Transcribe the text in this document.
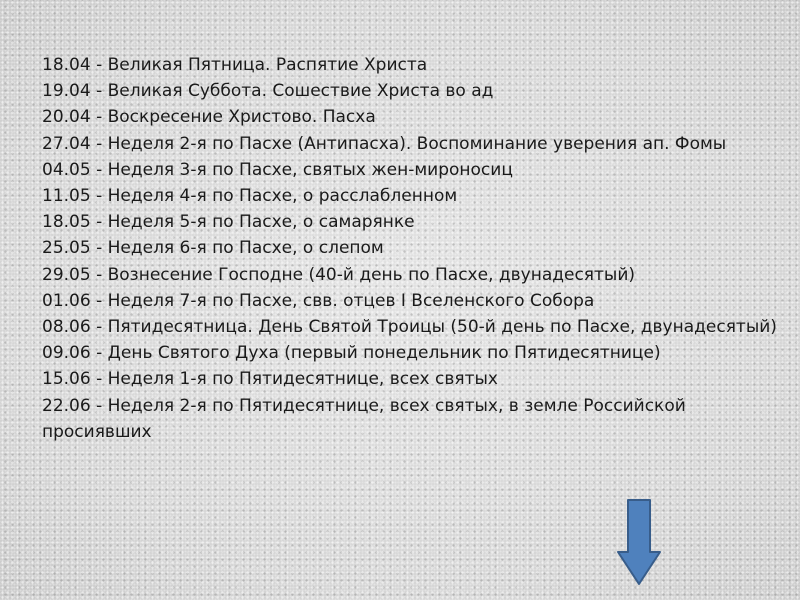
18.04 - Великая Пятница. Распятие Христа
19.04 - Великая Суббота. Сошествие Христа во ад
20.04 - Воскресение Христово. Пасха
27.04 - Неделя 2-я по Пасхе (Антипасха). Воспоминание уверения ап. Фомы
04.05 - Неделя 3-я по Пасхе, святых жен-мироносиц
11.05 - Неделя 4-я по Пасхе, о расслабленном
18.05 - Неделя 5-я по Пасхе, о самарянке
25.05 - Неделя 6-я по Пасхе, о слепом
29.05 - Вознесение Господне (40-й день по Пасхе, двунадесятый)
01.06 - Неделя 7-я по Пасхе, свв. отцев I Вселенского Собора
08.06 - Пятидесятница. День Святой Троицы (50-й день по Пасхе, двунадесятый)
09.06 - День Святого Духа (первый понедельник по Пятидесятнице)
15.06 - Неделя 1-я по Пятидесятнице, всех святых
22.06 - Неделя 2-я по Пятидесятнице, всех святых, в земле Российской просиявших
